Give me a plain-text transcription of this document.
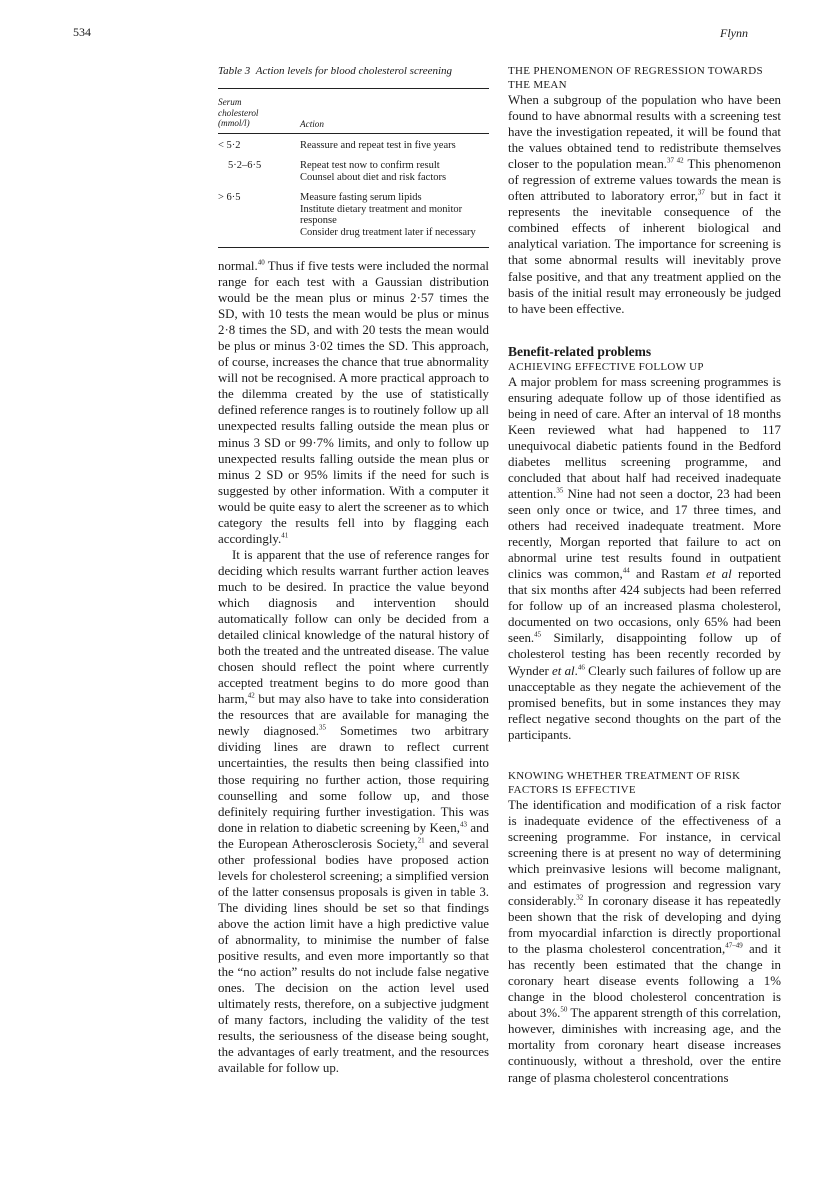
534	Flynn
Table 3 Action levels for blood cholesterol screening
Serum
cholesterol
(mmol/l)	Action
< 5·2	Reassure and repeat test in five years
5·2–6·5	Repeat test now to confirm result
Counsel about diet and risk factors
> 6·5	Measure fasting serum lipids
Institute dietary treatment and monitor
response
Consider drug treatment later if necessary

normal.$^{40}$ Thus if five tests were included the normal range for each test with a Gaussian distribution would be the mean plus or minus 2·57 times the SD, with 10 tests the mean would be plus or minus 2·8 times the SD, and with 20 tests the mean would be plus or minus 3·02 times the SD. This approach, of course, increases the chance that true abnormality will not be recognised. A more practical approach to the dilemma created by the use of statistically defined reference ranges is to routinely follow up all unexpected results falling outside the mean plus or minus 3 SD or 99·7% limits, and only to follow up unexpected results falling outside the mean plus or minus 2 SD or 95% limits if the need for such is suggested by other information. With a computer it would be quite easy to alert the screener as to which category the results fell into by flagging each accordingly.$^{41}$

It is apparent that the use of reference ranges for deciding which results warrant further action leaves much to be desired. In practice the value beyond which diagnosis and intervention should automatically follow can only be decided from a detailed clinical knowledge of the natural history of both the treated and the untreated disease. The value chosen should reflect the point where currently accepted treatment begins to do more good than harm,$^{42}$ but may also have to take into consideration the resources that are available for managing the newly diagnosed.$^{35}$ Sometimes two arbitrary dividing lines are drawn to reflect current uncertainties, the results then being classified into those requiring no further action, those requiring counselling and some follow up, and those definitely requiring further investigation. This was done in relation to diabetic screening by Keen,$^{43}$ and the European Atherosclerosis Society,$^{21}$ and several other professional bodies have proposed action levels for cholesterol screening; a simplified version of the latter consensus proposals is given in table 3. The dividing lines should be set so that findings above the action limit have a high predictive value of abnormality, to minimise the number of false positive results, and even more importantly so that the “no action” results do not include false negative ones. The decision on the action level used ultimately rests, therefore, on a subjective judgment of many factors, including the validity of the test results, the seriousness of the disease being sought, the advantages of early treatment, and the resources available for follow up.

THE PHENOMENON OF REGRESSION TOWARDS THE MEAN

When a subgroup of the population who have been found to have abnormal results with a screening test have the investigation repeated, it will be found that the values obtained tend to redistribute themselves closer to the population mean.$^{37 42}$ This phenomenon of regression of extreme values towards the mean is often attributed to laboratory error,$^{37}$ but in fact it represents the inevitable consequence of the combined effects of inherent biological and analytical variation. The importance for screening is that some abnormal results will inevitably prove false positive, and that any treatment applied on the basis of the initial result may erroneously be judged to have been effective.

Benefit-related problems
ACHIEVING EFFECTIVE FOLLOW UP

A major problem for mass screening programmes is ensuring adequate follow up of those identified as being in need of care. After an interval of 18 months Keen reviewed what had happened to 117 unequivocal diabetic patients found in the Bedford diabetes mellitus screening programme, and concluded that about half had received inadequate attention.$^{35}$ Nine had not seen a doctor, 23 had been seen only once or twice, and 17 three times, and others had received inadequate treatment. More recently, Morgan reported that failure to act on abnormal urine test results found in outpatient clinics was common,$^{44}$ and Rastam et al reported that six months after 424 subjects had been referred for follow up of an increased plasma cholesterol, documented on two occasions, only 65% had been seen.$^{45}$ Similarly, disappointing follow up of cholesterol testing has been recently recorded by Wynder et al.$^{46}$ Clearly such failures of follow up are unacceptable as they negate the achievement of the promised benefits, but in some instances they may reflect negative second thoughts on the part of the participants.

KNOWING WHETHER TREATMENT OF RISK FACTORS IS EFFECTIVE

The identification and modification of a risk factor is inadequate evidence of the effectiveness of a screening programme. For instance, in cervical screening there is at present no way of determining which preinvasive lesions will become malignant, and estimates of progression and regression vary considerably.$^{32}$ In coronary disease it has repeatedly been shown that the risk of developing and dying from myocardial infarction is directly proportional to the plasma cholesterol concentration,$^{47-49}$ and it has recently been estimated that the change in coronary heart disease events following a 1% change in the blood cholesterol concentration is about 3%.$^{50}$ The apparent strength of this correlation, however, diminishes with increasing age, and the mortality from coronary heart disease increases continuously, without a threshold, over the entire range of plasma cholesterol concentrations
